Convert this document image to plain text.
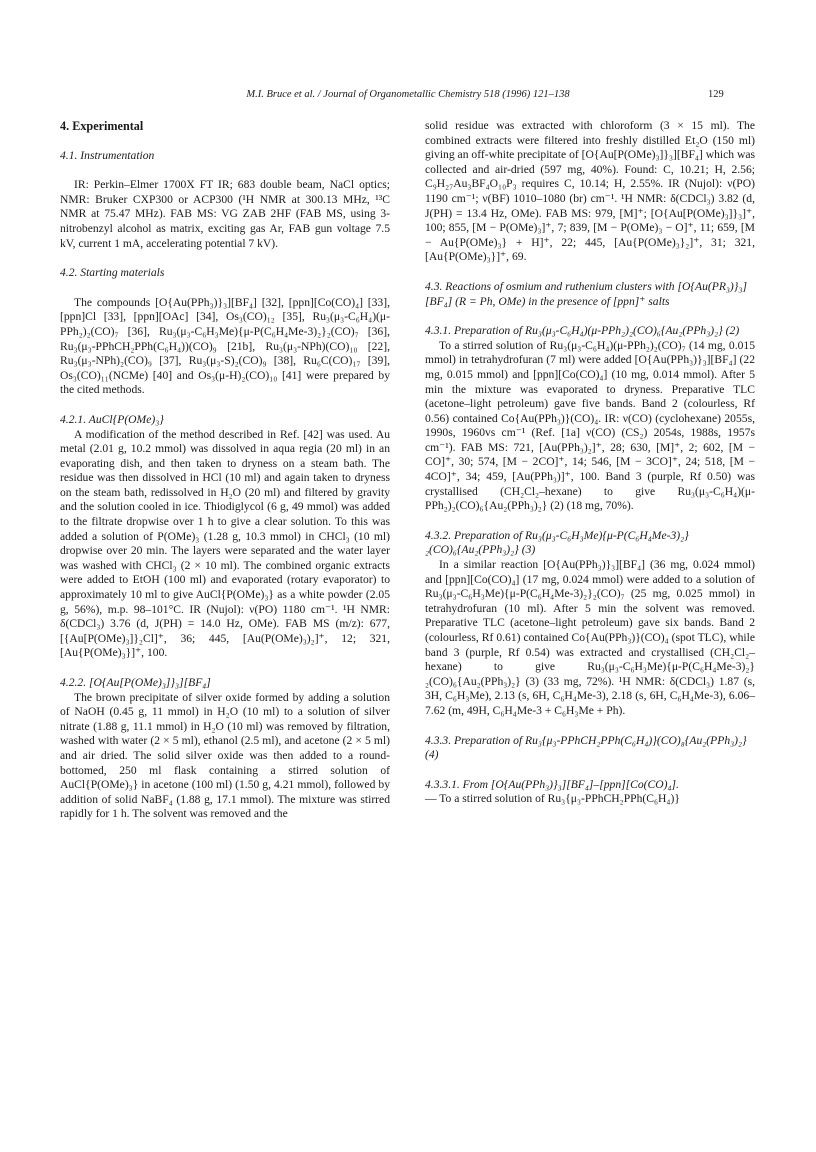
M.I. Bruce et al. / Journal of Organometallic Chemistry 518 (1996) 121–138	129
4. Experimental
4.1. Instrumentation

IR: Perkin–Elmer 1700X FT IR; 683 double beam, NaCl optics; NMR: Bruker CXP300 or ACP300 (¹H NMR at 300.13 MHz, ¹³C NMR at 75.47 MHz). FAB MS: VG ZAB 2HF (FAB MS, using 3-nitrobenzyl alcohol as matrix, exciting gas Ar, FAB gun voltage 7.5 kV, current 1 mA, accelerating potential 7 kV).

4.2. Starting materials

The compounds [O{Au(PPh₃)}₃][BF₄] [32], [ppn][Co(CO)₄] [33], [ppn]Cl [33], [ppn][OAc] [34], Os₃(CO)₁₂ [35], Ru₃(μ₃-C₆H₄)(μ-PPh₂)₂(CO)₇ [36], Ru₃(μ₃-C₆H₃Me){μ-P(C₆H₄Me-3)₂}₂(CO)₇ [36], Ru₃(μ₃-PPhCH₂PPh(C₆H₄))(CO)₉ [21b], Ru₃(μ₃-NPh)(CO)₁₀ [22], Ru₃(μ₃-NPh)₂(CO)₉ [37], Ru₃(μ₃-S)₂(CO)₉ [38], Ru₆C(CO)₁₇ [39], Os₃(CO)₁₁(NCMe) [40] and Os₃(μ-H)₂(CO)₁₀ [41] were prepared by the cited methods.

4.2.1. AuCl{P(OMe)₃}

A modification of the method described in Ref. [42] was used. Au metal (2.01 g, 10.2 mmol) was dissolved in aqua regia (20 ml) in an evaporating dish, and then taken to dryness on a steam bath. The residue was then dissolved in HCl (10 ml) and again taken to dryness on the steam bath, redissolved in H₂O (20 ml) and filtered by gravity and the solution cooled in ice. Thiodiglycol (6 g, 49 mmol) was added to the filtrate dropwise over 1 h to give a clear solution. To this was added a solution of P(OMe)₃ (1.28 g, 10.3 mmol) in CHCl₃ (10 ml) dropwise over 20 min. The layers were separated and the water layer was washed with CHCl₃ (2 × 10 ml). The combined organic extracts were added to EtOH (100 ml) and evaporated (rotary evaporator) to approximately 10 ml to give AuCl{P(OMe)₃} as a white powder (2.05 g, 56%), m.p. 98–101°C. IR (Nujol): ν(PO) 1180 cm⁻¹. ¹H NMR: δ(CDCl₃) 3.76 (d, J(PH) = 14.0 Hz, OMe). FAB MS (m/z): 677, [{Au[P(OMe)₃]}₂Cl]⁺, 36; 445, [Au(P(OMe)₃)₂]⁺, 12; 321, [Au{P(OMe)₃}]⁺, 100.

4.2.2. [O{Au[P(OMe)₃]}₃][BF₄]

The brown precipitate of silver oxide formed by adding a solution of NaOH (0.45 g, 11 mmol) in H₂O (10 ml) to a solution of silver nitrate (1.88 g, 11.1 mmol) in H₂O (10 ml) was removed by filtration, washed with water (2 × 5 ml), ethanol (2.5 ml), and acetone (2 × 5 ml) and air dried. The solid silver oxide was then added to a round-bottomed, 250 ml flask containing a stirred solution of AuCl{P(OMe)₃} in acetone (100 ml) (1.50 g, 4.21 mmol), followed by addition of solid NaBF₄ (1.88 g, 17.1 mmol). The mixture was stirred rapidly for 1 h. The solvent was removed and the

solid residue was extracted with chloroform (3 × 15 ml). The combined extracts were filtered into freshly distilled Et₂O (150 ml) giving an off-white precipitate of [O{Au[P(OMe)₃]}₃][BF₄] which was collected and air-dried (597 mg, 40%). Found: C, 10.21; H, 2.56; C₉H₂₇Au₃BF₄O₁₀P₃ requires C, 10.14; H, 2.55%. IR (Nujol): ν(PO) 1190 cm⁻¹; ν(BF) 1010–1080 (br) cm⁻¹. ¹H NMR: δ(CDCl₃) 3.82 (d, J(PH) = 13.4 Hz, OMe). FAB MS: 979, [M]⁺; [O{Au[P(OMe)₃]}₃]⁺, 100; 855, [M − P(OMe)₃]⁺, 7; 839, [M − P(OMe)₃ − O]⁺, 11; 659, [M − Au{P(OMe)₃} + H]⁺, 22; 445, [Au{P(OMe)₃}₂]⁺, 31; 321, [Au{P(OMe)₃}]⁺, 69.

4.3. Reactions of osmium and ruthenium clusters with [O{Au(PR₃)}₃][BF₄] (R = Ph, OMe) in the presence of [ppn]⁺ salts
4.3.1. Preparation of Ru₃(μ₃-C₆H₄)(μ-PPh₂)₂(CO)₆{Au₂(PPh₃)₂} (2)

To a stirred solution of Ru₃(μ₃-C₆H₄)(μ-PPh₂)₂(CO)₇ (14 mg, 0.015 mmol) in tetrahydrofuran (7 ml) were added [O{Au(PPh₃)}₃][BF₄] (22 mg, 0.015 mmol) and [ppn][Co(CO)₄] (10 mg, 0.014 mmol). After 5 min the mixture was evaporated to dryness. Preparative TLC (acetone–light petroleum) gave five bands. Band 2 (colourless, Rf 0.56) contained Co{Au(PPh₃)}(CO)₄. IR: ν(CO) (cyclohexane) 2055s, 1990s, 1960vs cm⁻¹ (Ref. [1a] ν(CO) (CS₂) 2054s, 1988s, 1957s cm⁻¹). FAB MS: 721, [Au(PPh₃)₂]⁺, 28; 630, [M]⁺, 2; 602, [M − CO]⁺, 30; 574, [M − 2CO]⁺, 14; 546, [M − 3CO]⁺, 24; 518, [M − 4CO]⁺, 34; 459, [Au(PPh₃)]⁺, 100. Band 3 (purple, Rf 0.50) was crystallised (CH₂Cl₂–hexane) to give Ru₃(μ₃-C₆H₄)(μ-PPh₂)₂(CO)₆{Au₂(PPh₃)₂} (2) (18 mg, 70%).

4.3.2. Preparation of Ru₃(μ₃-C₆H₃Me){μ-P(C₆H₄Me-3)₂}₂(CO)₆{Au₂(PPh₃)₂} (3)

In a similar reaction [O{Au(PPh₃)}₃][BF₄] (36 mg, 0.024 mmol) and [ppn][Co(CO)₄] (17 mg, 0.024 mmol) were added to a solution of Ru₃(μ₃-C₆H₃Me){μ-P(C₆H₄Me-3)₂}₂(CO)₇ (25 mg, 0.025 mmol) in tetrahydrofuran (10 ml). After 5 min the solvent was removed. Preparative TLC (acetone–light petroleum) gave six bands. Band 2 (colourless, Rf 0.61) contained Co{Au(PPh₃)}(CO)₄ (spot TLC), while band 3 (purple, Rf 0.54) was extracted and crystallised (CH₂Cl₂–hexane) to give Ru₃(μ₃-C₆H₃Me){μ-P(C₆H₄Me-3)₂}₂(CO)₆{Au₂(PPh₃)₂} (3) (33 mg, 72%). ¹H NMR: δ(CDCl₃) 1.87 (s, 3H, C₆H₃Me), 2.13 (s, 6H, C₆H₄Me-3), 2.18 (s, 6H, C₆H₄Me-3), 6.06–7.62 (m, 49H, C₆H₄Me-3 + C₆H₃Me + Ph).

4.3.3. Preparation of Ru₃{μ₃-PPhCH₂PPh(C₆H₄)}(CO)₈{Au₂(PPh₃)₂} (4)
4.3.3.1. From [O{Au(PPh₃)}₃][BF₄]–[ppn][Co(CO)₄].

— To a stirred solution of Ru₃{μ₃-PPhCH₂PPh(C₆H₄)}
